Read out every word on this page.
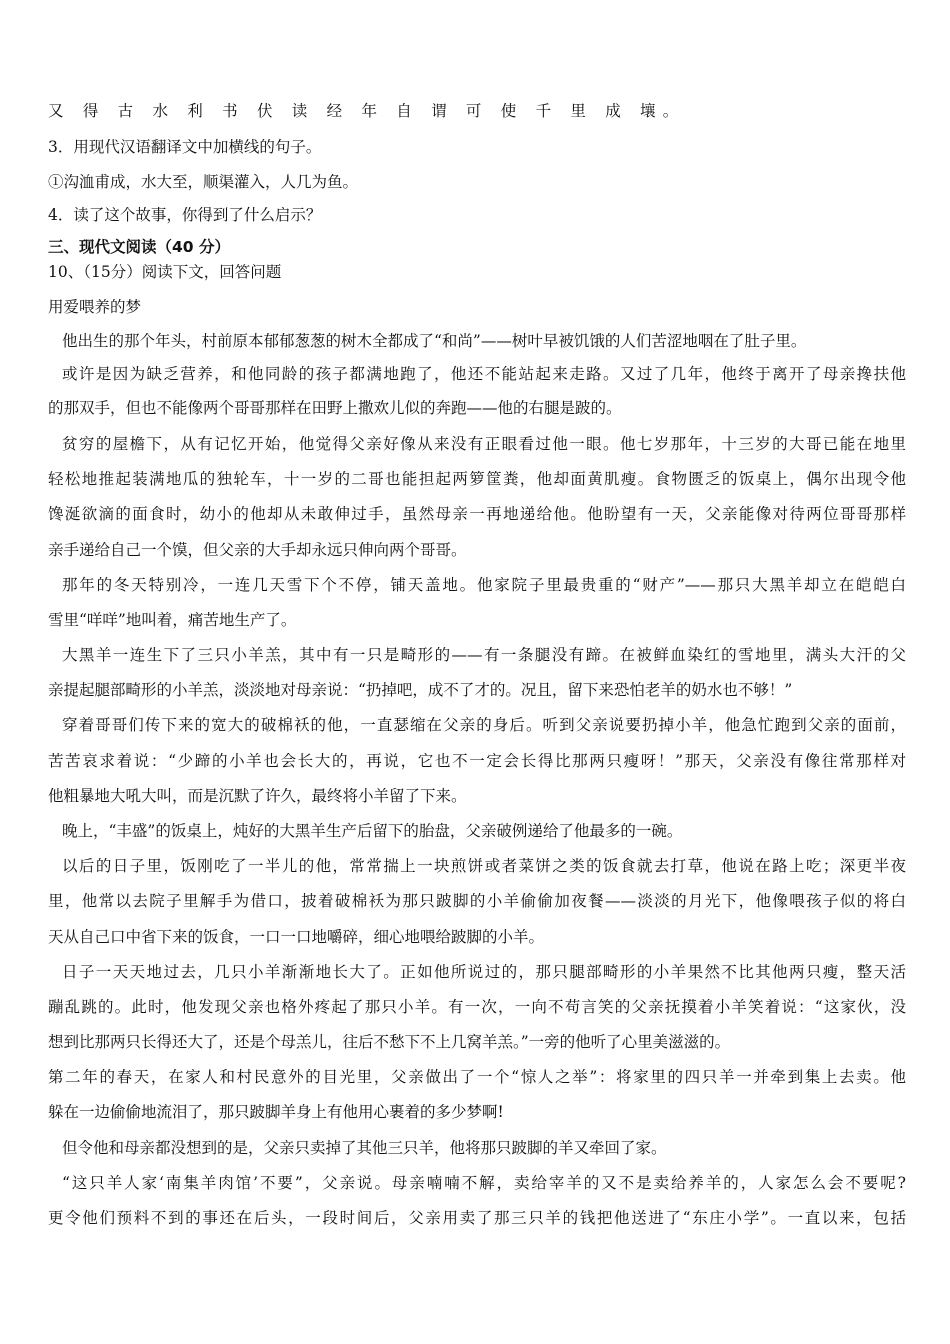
又 得 古 水 利 书 伏 读 经 年 自 谓 可 使 千 里 成 壤。
3．用现代汉语翻译文中加横线的句子。
①沟洫甫成，水大至，顺渠灌入，人几为鱼。
4．读了这个故事，你得到了什么启示？
三、现代文阅读（40 分）
10、（15分）阅读下文，回答问题
用爱喂养的梦
他出生的那个年头，村前原本郁郁葱葱的树木全都成了“和尚”——树叶早被饥饿的人们苦涩地咽在了肚子里。
或许是因为缺乏营养，和他同龄的孩子都满地跑了，他还不能站起来走路。又过了几年，他终于离开了母亲搀扶他
的那双手，但也不能像两个哥哥那样在田野上撒欢儿似的奔跑——他的右腿是跛的。
贫穷的屋檐下，从有记忆开始，他觉得父亲好像从来没有正眼看过他一眼。他七岁那年，十三岁的大哥已能在地里
轻松地推起装满地瓜的独轮车，十一岁的二哥也能担起两箩筐粪，他却面黄肌瘦。食物匮乏的饭桌上，偶尔出现令他
馋涎欲滴的面食时，幼小的他却从未敢伸过手，虽然母亲一再地递给他。他盼望有一天，父亲能像对待两位哥哥那样
亲手递给自己一个馍，但父亲的大手却永远只伸向两个哥哥。
那年的冬天特别冷，一连几天雪下个不停，铺天盖地。他家院子里最贵重的“财产”——那只大黑羊却立在皑皑白
雪里“咩咩”地叫着，痛苦地生产了。
大黑羊一连生下了三只小羊羔，其中有一只是畸形的——有一条腿没有蹄。在被鲜血染红的雪地里，满头大汗的父
亲提起腿部畸形的小羊羔，淡淡地对母亲说：“扔掉吧，成不了才的。况且，留下来恐怕老羊的奶水也不够！”
穿着哥哥们传下来的宽大的破棉袄的他，一直瑟缩在父亲的身后。听到父亲说要扔掉小羊，他急忙跑到父亲的面前，
苦苦哀求着说：“少蹄的小羊也会长大的，再说，它也不一定会长得比那两只瘦呀！”那天，父亲没有像往常那样对
他粗暴地大吼大叫，而是沉默了许久，最终将小羊留了下来。
晚上，“丰盛”的饭桌上，炖好的大黑羊生产后留下的胎盘，父亲破例递给了他最多的一碗。
以后的日子里，饭刚吃了一半儿的他，常常揣上一块煎饼或者菜饼之类的饭食就去打草，他说在路上吃；深更半夜
里，他常以去院子里解手为借口，披着破棉袄为那只跛脚的小羊偷偷加夜餐——淡淡的月光下，他像喂孩子似的将白
天从自己口中省下来的饭食，一口一口地嚼碎，细心地喂给跛脚的小羊。
日子一天天地过去，几只小羊渐渐地长大了。正如他所说过的，那只腿部畸形的小羊果然不比其他两只瘦，整天活
蹦乱跳的。此时，他发现父亲也格外疼起了那只小羊。有一次，一向不苟言笑的父亲抚摸着小羊笑着说：“这家伙，没
想到比那两只长得还大了，还是个母羔儿，往后不愁下不上几窝羊羔。”一旁的他听了心里美滋滋的。
第二年的春天，在家人和村民意外的目光里，父亲做出了一个“惊人之举”：将家里的四只羊一并牵到集上去卖。他
躲在一边偷偷地流泪了，那只跛脚羊身上有他用心裹着的多少梦啊!
但令他和母亲都没想到的是，父亲只卖掉了其他三只羊，他将那只跛脚的羊又牵回了家。
“这只羊人家‘南集羊肉馆’不要”，父亲说。母亲喃喃不解，卖给宰羊的又不是卖给养羊的，人家怎么会不要呢?
更令他们预料不到的事还在后头，一段时间后，父亲用卖了那三只羊的钱把他送进了“东庄小学”。一直以来，包括
